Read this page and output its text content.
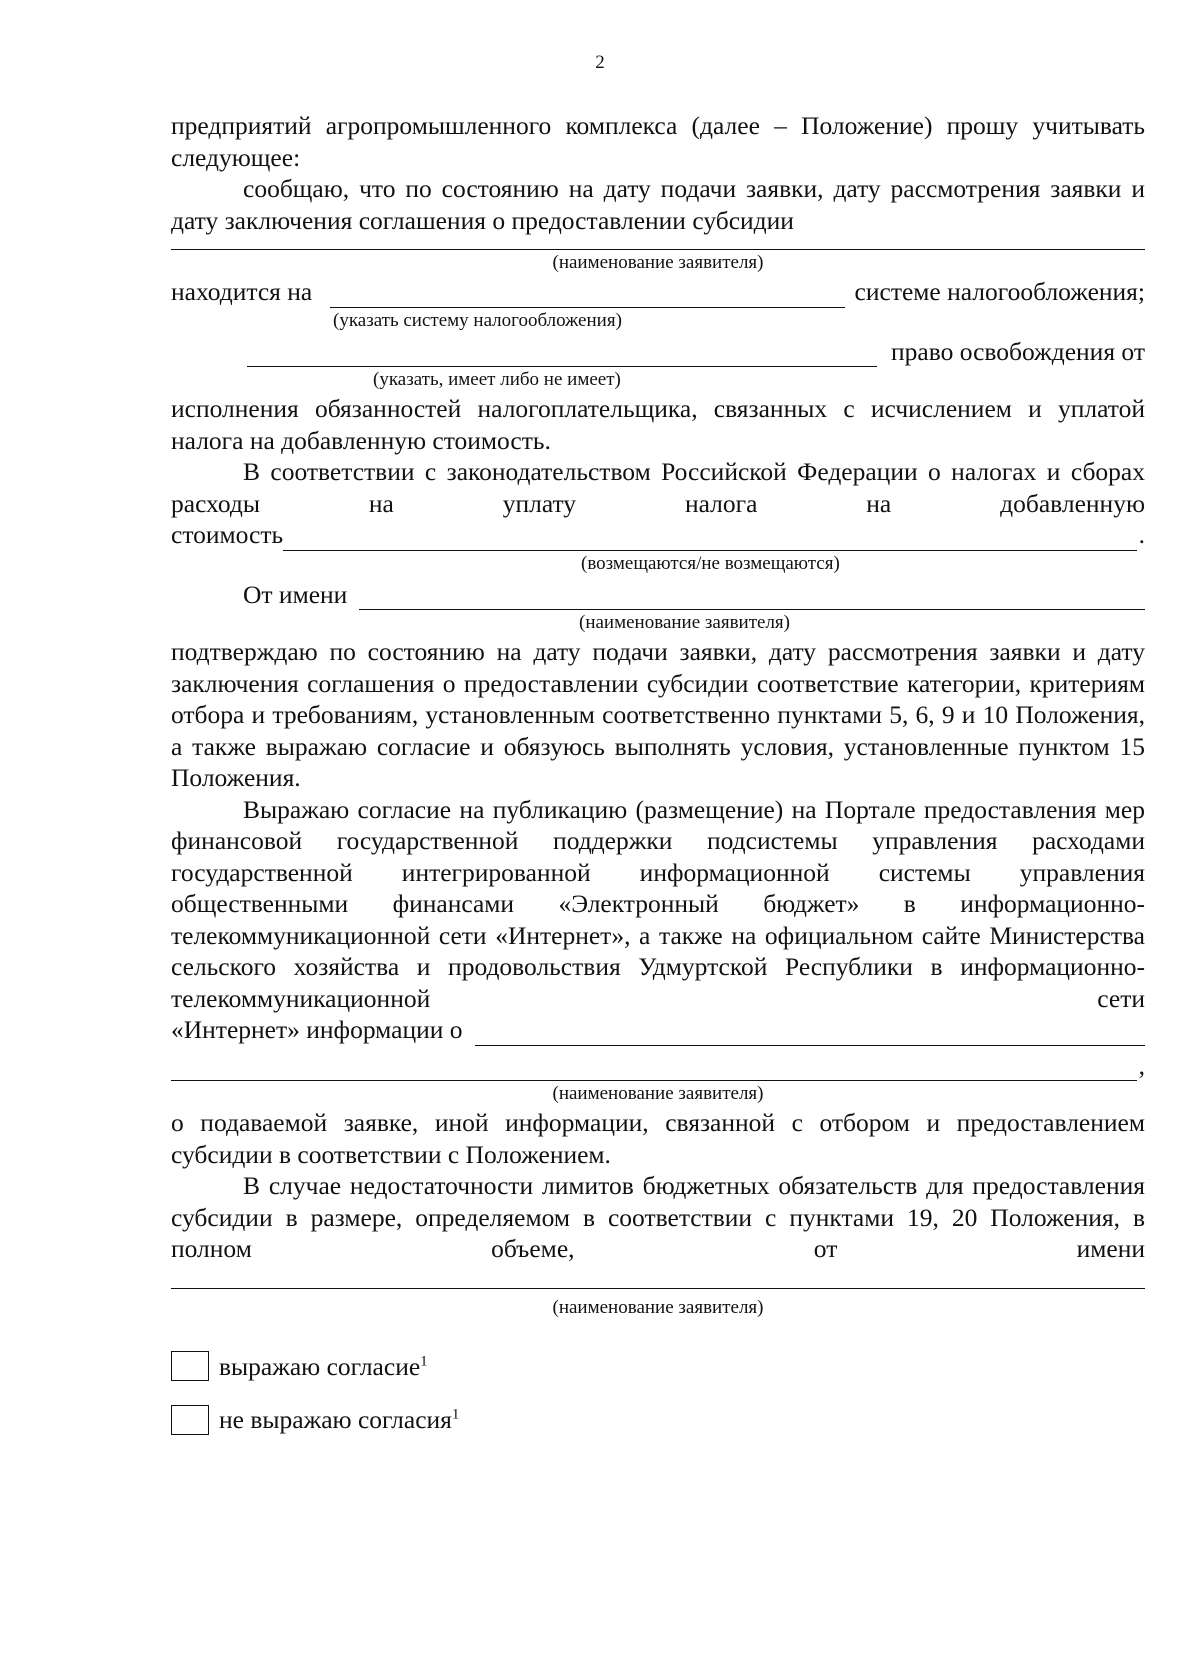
2
предприятий агропромышленного комплекса (далее – Положение) прошу учитывать следующее:
сообщаю, что по состоянию на дату подачи заявки, дату рассмотрения заявки и дату заключения соглашения о предоставлении субсидии
(наименование заявителя)
находится на	системе налогообложения;
(указать систему налогообложения)
право освобождения от
(указать, имеет либо не имеет)
исполнения обязанностей налогоплательщика, связанных с исчислением и уплатой налога на добавленную стоимость.
В соответствии с законодательством Российской Федерации о налогах и сборах расходы на уплату налога на добавленную
стоимость	.
(возмещаются/не возмещаются)
От имени
(наименование заявителя)
подтверждаю по состоянию на дату подачи заявки, дату рассмотрения заявки и дату заключения соглашения о предоставлении субсидии соответствие категории, критериям отбора и требованиям, установленным соответственно пунктами 5, 6, 9 и 10 Положения, а также выражаю согласие и обязуюсь выполнять условия, установленные пунктом 15 Положения.
Выражаю согласие на публикацию (размещение) на Портале предоставления мер финансовой государственной поддержки подсистемы управления расходами государственной интегрированной информационной системы управления общественными финансами «Электронный бюджет» в информационно-телекоммуникационной сети «Интернет», а также на официальном сайте Министерства сельского хозяйства и продовольствия Удмуртской Республики в информационно-телекоммуникационной сети
«Интернет» информации о
,
(наименование заявителя)
о подаваемой заявке, иной информации, связанной с отбором и предоставлением субсидии в соответствии с Положением.
В случае недостаточности лимитов бюджетных обязательств для предоставления субсидии в размере, определяемом в соответствии с пунктами 19, 20 Положения, в полном объеме, от имени
(наименование заявителя)
выражаю согласие$^1$
не выражаю согласия$^1$
